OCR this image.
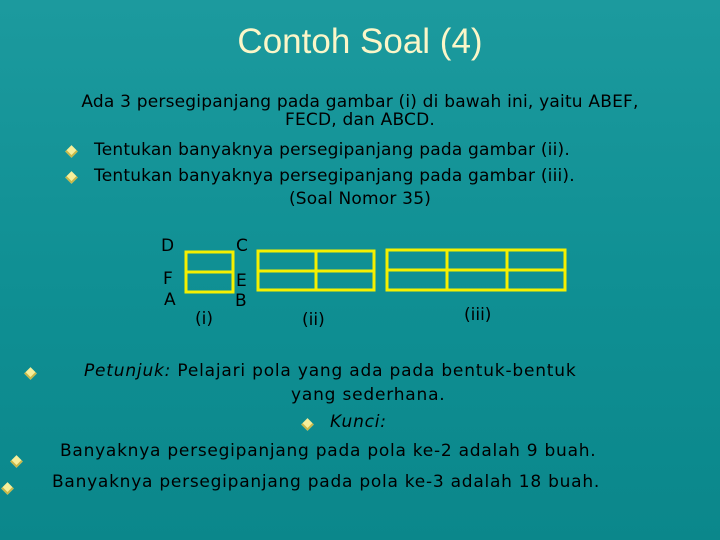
Contoh Soal (4)
Ada 3 persegipanjang pada gambar (i) di bawah ini, yaitu ABEF,
FECD, dan ABCD.
Tentukan banyaknya persegipanjang pada gambar (ii).
Tentukan banyaknya persegipanjang pada gambar (iii).
(Soal Nomor 35)
D	C
F	E
A	B
(i)	(ii)	(iii)
Petunjuk: Pelajari pola yang ada pada bentuk-bentuk
yang sederhana.
Kunci:
Banyaknya persegipanjang pada pola ke-2 adalah 9 buah.
Banyaknya persegipanjang pada pola ke-3 adalah 18 buah.
